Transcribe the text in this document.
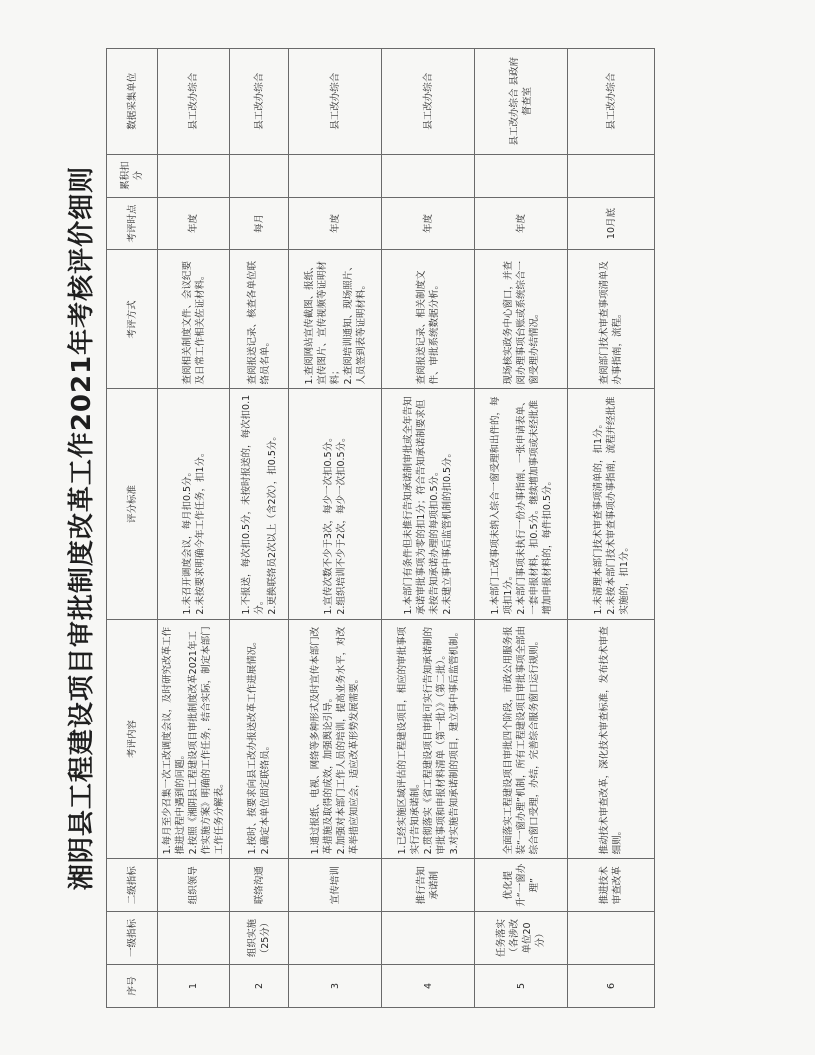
湘阴县工程建设项目审批制度改革工作2021年考核评价细则
序号	一级指标	二级指标	考评内容	评分标准	考评方式	考评时点	累积扣分	数据采集单位
1		组织领导	1.每月至少召集一次工改调度会议，及时研究改革工作推进过程中遇到的问题。 2.按照《湘阴县工程建设项目审批制度改革2021年工作实施方案》明确的工作任务，结合实际，制定本部门工作任务分解表。	1.未召开调度会议，每月扣0.5分。 2.未按要求明确今年工作任务，扣1分。	查阅相关制度文件、会议纪要及日常工作相关佐证材料。	年度		县工改办综合
2	组织实施（25分）	联络沟通	1.按时、按要求向县工改办报送改革工作进展情况。 2.确定本单位固定联络员。	1.不报送，每次扣0.5分，未按时报送的，每次扣0.1分。 2.更换联络员2次以上（含2次），扣0.5分。	查阅报送记录、核查各单位联络员名单。	每月		县工改办综合
3		宣传培训	1.通过报纸、电视、网络等多种形式及时宣传本部门改革措施及取得的成效，加强舆论引导。 2.加强对本部门工作人员的培训，提高业务水平，对改革举措应知应会，适应改革形势发展需要。	1.宣传次数不少于3次，每少一次扣0.5分。 2.组织培训不少于2次，每少一次扣0.5分。	1.查阅网站宣传截图、报纸、宣传图片、宣传视频等证明材料； 2.查阅培训通知、现场照片、人员签到表等证明材料。	年度		县工改办综合
4		推行告知承诺制	1.已经实施区域评估的工程建设项目，相应的审批事项实行告知承诺制。 2.贯彻落实《省工程建设项目审批可实行告知承诺制的审批事项和申报材料清单（第一批）》（第二批）。 3.对实施告知承诺制的项目，建立事中事后监管机制。	1.本部门有条件但未推行告知承诺制审批或全年告知承诺审批事项为零的扣1分；符合告知承诺制要求但未按告知承诺办理的每项扣0.5分。 2.未建立事中事后监管机制的扣0.5分。	查阅报送记录、相关制度文件、审批系统数据分析。	年度		县工改办综合
5	任务落实（各涉改单位20分）	优化提升“一窗办理”	全面落实工程建设项目审批四个阶段，市政公用服务报装“一窗办理”机制，所有工程建设项目审批事项全部由综合窗口受理，办结，完善综合服务窗口运行规则。	1.本部门工改事项未纳入综合一窗受理和出件的，每项扣1分。 2.本部门事项未执行一份办事指南、一张申请表单、一套申报材料，扣0.5分。继续增加事项或未经批准增加申报材料的，每件扣0.5分。	现场核实政务中心窗口，并查阅办理事项台账或系统综合一窗受理办结情况。	年度		县工改办综合 县政府督查室
6		推进技术审查改革	推动技术审查改革，深化技术审查标准，发布技术审查细则。	1.未清理本部门技术审查事项清单的，扣1分。 2.未按本部门技术审查事项办事指南，流程并经批准实施的，扣1分。	查阅部门技术审查事项清单及办事指南，流程。	10月底		县工改办综合
